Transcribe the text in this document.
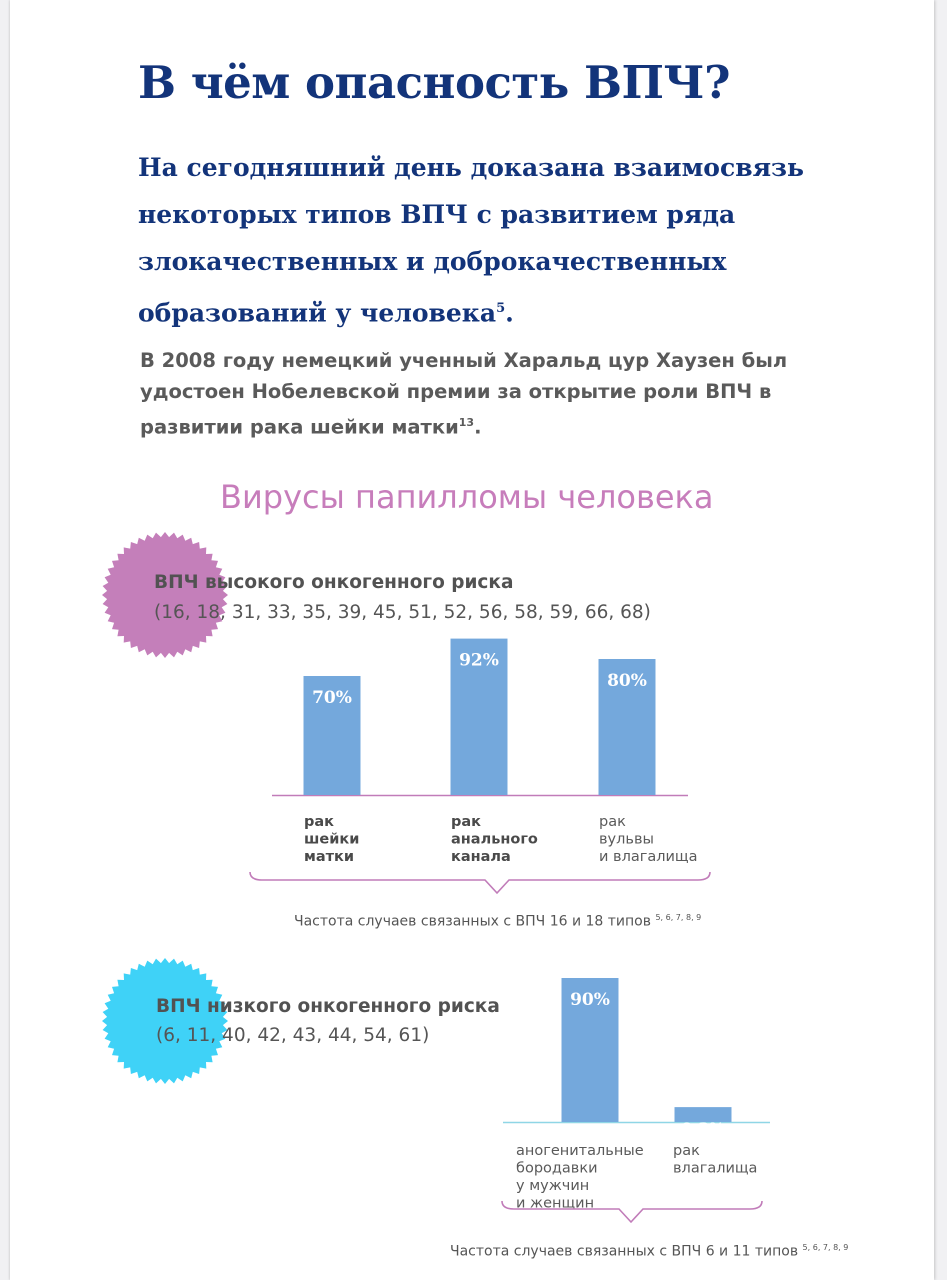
В чём опасность ВПЧ?

На сегодняшний день доказана взаимосвязь некоторых типов ВПЧ с развитием ряда злокачественных и доброкачественных образований у человека$^5$.

В 2008 году немецкий ученный Харальд цур Хаузен был удостоен Нобелевской премии за открытие роли ВПЧ в развитии рака шейки матки$^{13}$.

Вирусы папилломы человека

ВПЧ высокого онкогенного риска

(16, 18, 31, 33, 35, 39, 45, 51, 52, 56, 58, 59, 66, 68)

ВПЧ низкого онкогенного риска

(6, 11, 40, 42, 43, 44, 54, 61)

70%
92%
80%
рак шейки матки
рак анального канала
рак вульвы и влагалища
90%
9,3%
аногенитальные бородавки у мужчин и женщин
рак влагалища
Частота случаев связанных с ВПЧ 16 и 18 типов $^{5, 6, 7, 8, 9}$
Частота случаев связанных с ВПЧ 6 и 11 типов $^{5, 6, 7, 8, 9}$
